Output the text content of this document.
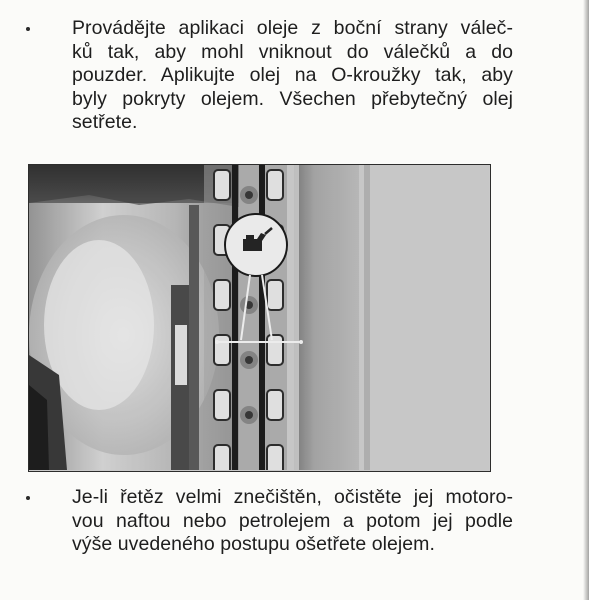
Provádějte aplikaci oleje z boční strany váleč-
ků tak, aby mohl vniknout do válečků a do
pouzder. Aplikujte olej na O-kroužky tak, aby
byly pokryty olejem. Všechen přebytečný olej
setřete.
Je-li řetěz velmi znečištěn, očistěte jej motoro-
vou naftou nebo petrolejem a potom jej podle
výše uvedeného postupu ošetřete olejem.
